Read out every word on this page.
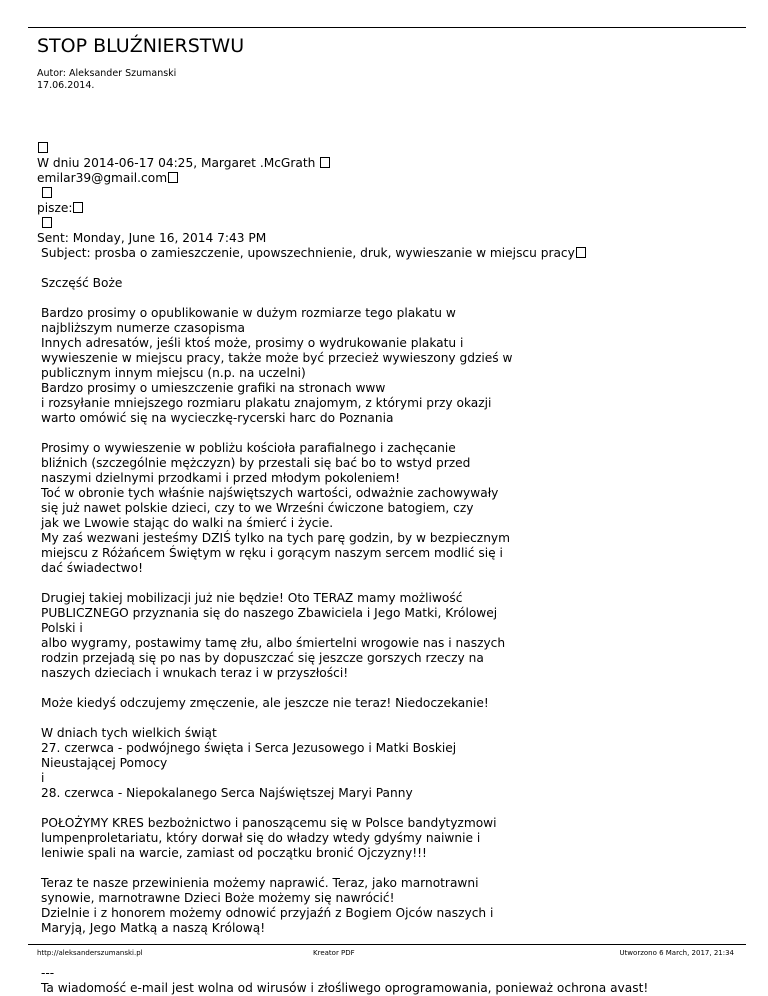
STOP BLUŹNIERSTWU
Autor: Aleksander Szumanski
17.06.2014.
W dniu 2014-06-17 04:25, Margaret .McGrath
emilar39@gmail.com
pisze:
Sent: Monday, June 16, 2014 7:43 PM
Subject: prosba o zamieszczenie, upowszechnienie, druk, wywieszanie w miejscu pracy
Szczęść Boże
Bardzo prosimy o opublikowanie w dużym rozmiarze tego plakatu w
najbliższym numerze czasopisma
Innych adresatów, jeśli ktoś może, prosimy o wydrukowanie plakatu i
wywieszenie w miejscu pracy, także może być przecież wywieszony gdzieś w
publicznym innym miejscu (n.p. na uczelni)
Bardzo prosimy o umieszczenie grafiki na stronach www
i rozsyłanie mniejszego rozmiaru plakatu znajomym, z którymi przy okazji
warto omówić się na wycieczkę-rycerski harc do Poznania
Prosimy o wywieszenie w pobliżu kościoła parafialnego i zachęcanie
bliźnich (szczególnie mężczyzn) by przestali się bać bo to wstyd przed
naszymi dzielnymi przodkami i przed młodym pokoleniem!
Toć w obronie tych właśnie najświętszych wartości, odważnie zachowywały
się już nawet polskie dzieci, czy to we Wrześni ćwiczone batogiem, czy
jak we Lwowie stając do walki na śmierć i życie.
My zaś wezwani jesteśmy DZIŚ tylko na tych parę godzin, by w bezpiecznym
miejscu z Różańcem Świętym w ręku i gorącym naszym sercem modlić się i
dać świadectwo!
Drugiej takiej mobilizacji już nie będzie! Oto TERAZ mamy możliwość
PUBLICZNEGO przyznania się do naszego Zbawiciela i Jego Matki, Królowej
Polski i
albo wygramy, postawimy tamę złu, albo śmiertelni wrogowie nas i naszych
rodzin przejadą się po nas by dopuszczać się jeszcze gorszych rzeczy na
naszych dzieciach i wnukach teraz i w przyszłości!
Może kiedyś odczujemy zmęczenie, ale jeszcze nie teraz! Niedoczekanie!
W dniach tych wielkich świąt
27. czerwca - podwójnego święta i Serca Jezusowego i Matki Boskiej
Nieustającej Pomocy
i
28. czerwca - Niepokalanego Serca Najświętszej Maryi Panny
POŁOŻYMY KRES bezbożnictwo i panoszącemu się w Polsce bandytyzmowi
lumpenproletariatu, który dorwał się do władzy wtedy gdyśmy naiwnie i
leniwie spali na warcie, zamiast od początku bronić Ojczyzny!!!
Teraz te nasze przewinienia możemy naprawić. Teraz, jako marnotrawni
synowie, marnotrawne Dzieci Boże możemy się nawrócić!
Dzielnie i z honorem możemy odnowić przyjaźń z Bogiem Ojców naszych i
Maryją, Jego Matką a naszą Królową!
---
Ta wiadomość e-mail jest wolna od wirusów i złośliwego oprogramowania, ponieważ ochrona avast!
http://aleksanderszumanski.pl	Kreator PDF	Utworzono 6 March, 2017, 21:34
